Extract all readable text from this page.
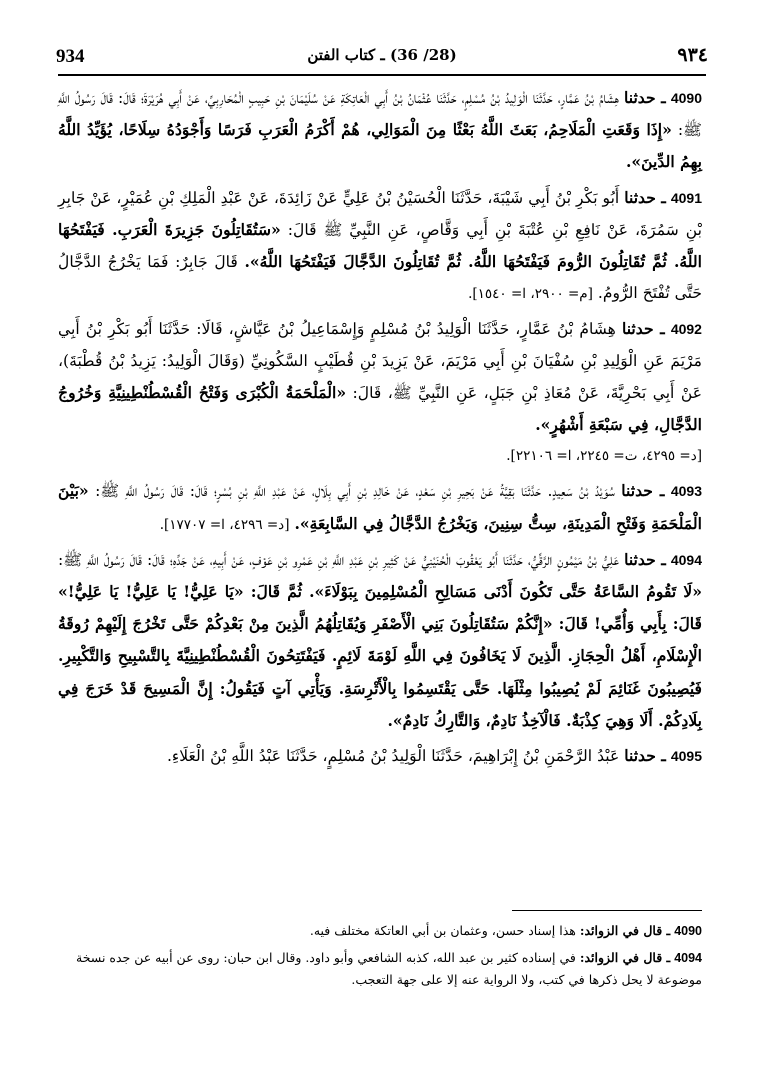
934	(28/ 36) ـ كتاب الفتن	٩٣٤

4090 ـ حدثنا هِشَامُ بْنُ عَمَّارٍ، حَدَّثَنَا الْوَلِيدُ بْنُ مُسْلِمٍ، حَدَّثَنَا عُثْمَانُ بْنُ أَبِي الْعَاتِكَةِ عَنْ سُلَيْمَانَ بْنِ حَبِيبٍ الْمُحَارِبِيِّ، عَنْ أَبِي هُرَيْرَةَ؛ قَالَ: قَالَ رَسُولُ اللَّهِ ﷺ: «إِذَا وَقَعَتِ الْمَلَاحِمُ، بَعَثَ اللَّهُ بَعْثًا مِنَ الْمَوَالِي، هُمْ أَكْرَمُ الْعَرَبِ فَرَسًا وَأَجْوَدُهُ سِلَاحًا، يُؤَيِّدُ اللَّهُ بِهِمُ الدِّينَ».

4091 ـ حدثنا أَبُو بَكْرِ بْنُ أَبِي شَيْبَةَ، حَدَّثَنَا الْحُسَيْنُ بْنُ عَلِيٍّ عَنْ زَائِدَةَ، عَنْ عَبْدِ الْمَلِكِ بْنِ عُمَيْرٍ، عَنْ جَابِرِ بْنِ سَمُرَةَ، عَنْ نَافِعِ بْنِ عُتْبَةَ بْنِ أَبِي وَقَّاصٍ، عَنِ النَّبِيِّ ﷺ قَالَ: «سَتُقَاتِلُونَ جَزِيرَةَ الْعَرَبِ. فَيَفْتَحُهَا اللَّهُ. ثُمَّ تُقَاتِلُونَ الرُّومَ فَيَفْتَحُهَا اللَّهُ. ثُمَّ تُقَاتِلُونَ الدَّجَّالَ فَيَفْتَحُهَا اللَّهُ». قَالَ جَابِرٌ: فَمَا يَخْرُجُ الدَّجَّالُ حَتَّى تُفْتَحَ الرُّومُ. [م= ٢٩٠٠، ا= ١٥٤٠].

4092 ـ حدثنا هِشَامُ بْنُ عَمَّارٍ، حَدَّثَنَا الْوَلِيدُ بْنُ مُسْلِمٍ وَإِسْمَاعِيلُ بْنُ عَيَّاشٍ، قَالَا: حَدَّثَنَا أَبُو بَكْرِ بْنُ أَبِي مَرْيَمَ عَنِ الْوَلِيدِ بْنِ سُفْيَانَ بْنِ أَبِي مَرْيَمَ، عَنْ يَزِيدَ بْنِ قُطَيْبٍ السَّكُونِيِّ (وَقَالَ الْوَلِيدُ: يَزِيدُ بْنُ قُطْبَةَ)، عَنْ أَبِي بَحْرِيَّةَ، عَنْ مُعَاذِ بْنِ جَبَلٍ، عَنِ النَّبِيِّ ﷺ، قَالَ: «الْمَلْحَمَةُ الْكُبْرَى وَفَتْحُ الْقُسْطُنْطِينِيَّةِ وَخُرُوجُ الدَّجَّالِ، فِي سَبْعَةِ أَشْهُرٍ».
[د= ٤٢٩٥، ت= ٢٢٤٥، ا= ٢٢١٠٦].

4093 ـ حدثنا سُوَيْدُ بْنُ سَعِيدٍ. حَدَّثَنَا بَقِيَّةُ عَنْ بَحِيرِ بْنِ سَعْدٍ، عَنْ خَالِدِ بْنِ أَبِي بِلَالٍ، عَنْ عَبْدِ اللَّهِ بْنِ بُسْرٍ؛ قَالَ: قَالَ رَسُولُ اللَّهِ ﷺ: «بَيْنَ الْمَلْحَمَةِ وَفَتْحِ الْمَدِينَةِ، سِتُّ سِنِينَ، وَيَخْرُجُ الدَّجَّالُ فِي السَّابِعَةِ». [د= ٤٢٩٦، ا= ١٧٧٠٧].

4094 ـ حدثنا عَلِيُّ بْنُ مَيْمُونٍ الرَّقِّيُّ، حَدَّثَنَا أَبُو يَعْقُوبَ الْحُنَيْنِيُّ عَنْ كَثِيرِ بْنِ عَبْدِ اللَّهِ بْنِ عَمْرِو بْنِ عَوْفٍ، عَنْ أَبِيهِ، عَنْ جَدِّهِ؛ قَالَ: قَالَ رَسُولُ اللَّهِ ﷺ: «لَا تَقُومُ السَّاعَةُ حَتَّى تَكُونَ أَدْنَى مَسَالِحِ الْمُسْلِمِينَ بِبَوْلَاءَ». ثُمَّ قَالَ: «يَا عَلِيُّ! يَا عَلِيُّ! يَا عَلِيُّ!» قَالَ: بِأَبِي وَأُمِّي! قَالَ: «إِنَّكُمْ سَتُقَاتِلُونَ بَنِي الْأَصْفَرِ وَيُقَاتِلُهُمُ الَّذِينَ مِنْ بَعْدِكُمْ حَتَّى تَخْرُجَ إِلَيْهِمْ رُوقَةُ الْإِسْلَامِ، أَهْلُ الْحِجَازِ. الَّذِينَ لَا يَخَافُونَ فِي اللَّهِ لَوْمَةَ لَائِمٍ. فَيَفْتَتِحُونَ الْقُسْطُنْطِينِيَّةَ بِالتَّسْبِيحِ وَالتَّكْبِيرِ. فَيُصِيبُونَ غَنَائِمَ لَمْ يُصِيبُوا مِثْلَهَا. حَتَّى يَقْتَسِمُوا بِالْأَتْرِسَةِ. وَيَأْتِي آتٍ فَيَقُولُ: إِنَّ الْمَسِيحَ قَدْ خَرَجَ فِي بِلَادِكُمْ. أَلَا وَهِيَ كِذْبَةٌ. فَالْآخِذُ نَادِمٌ، وَالتَّارِكُ نَادِمٌ».

4095 ـ حدثنا عَبْدُ الرَّحْمَنِ بْنُ إِبْرَاهِيمَ، حَدَّثَنَا الْوَلِيدُ بْنُ مُسْلِمٍ، حَدَّثَنَا عَبْدُ اللَّهِ بْنُ الْعَلَاءِ.

4090 ـ قال في الزوائد: هذا إسناد حسن، وعثمان بن أبي العاتكة مختلف فيه.

4094 ـ قال في الزوائد: في إسناده كثير بن عبد الله، كذبه الشافعي وأبو داود. وقال ابن حبان: روى عن أبيه عن جده نسخة موضوعة لا يحل ذكرها في كتب، ولا الرواية عنه إلا على جهة التعجب.
